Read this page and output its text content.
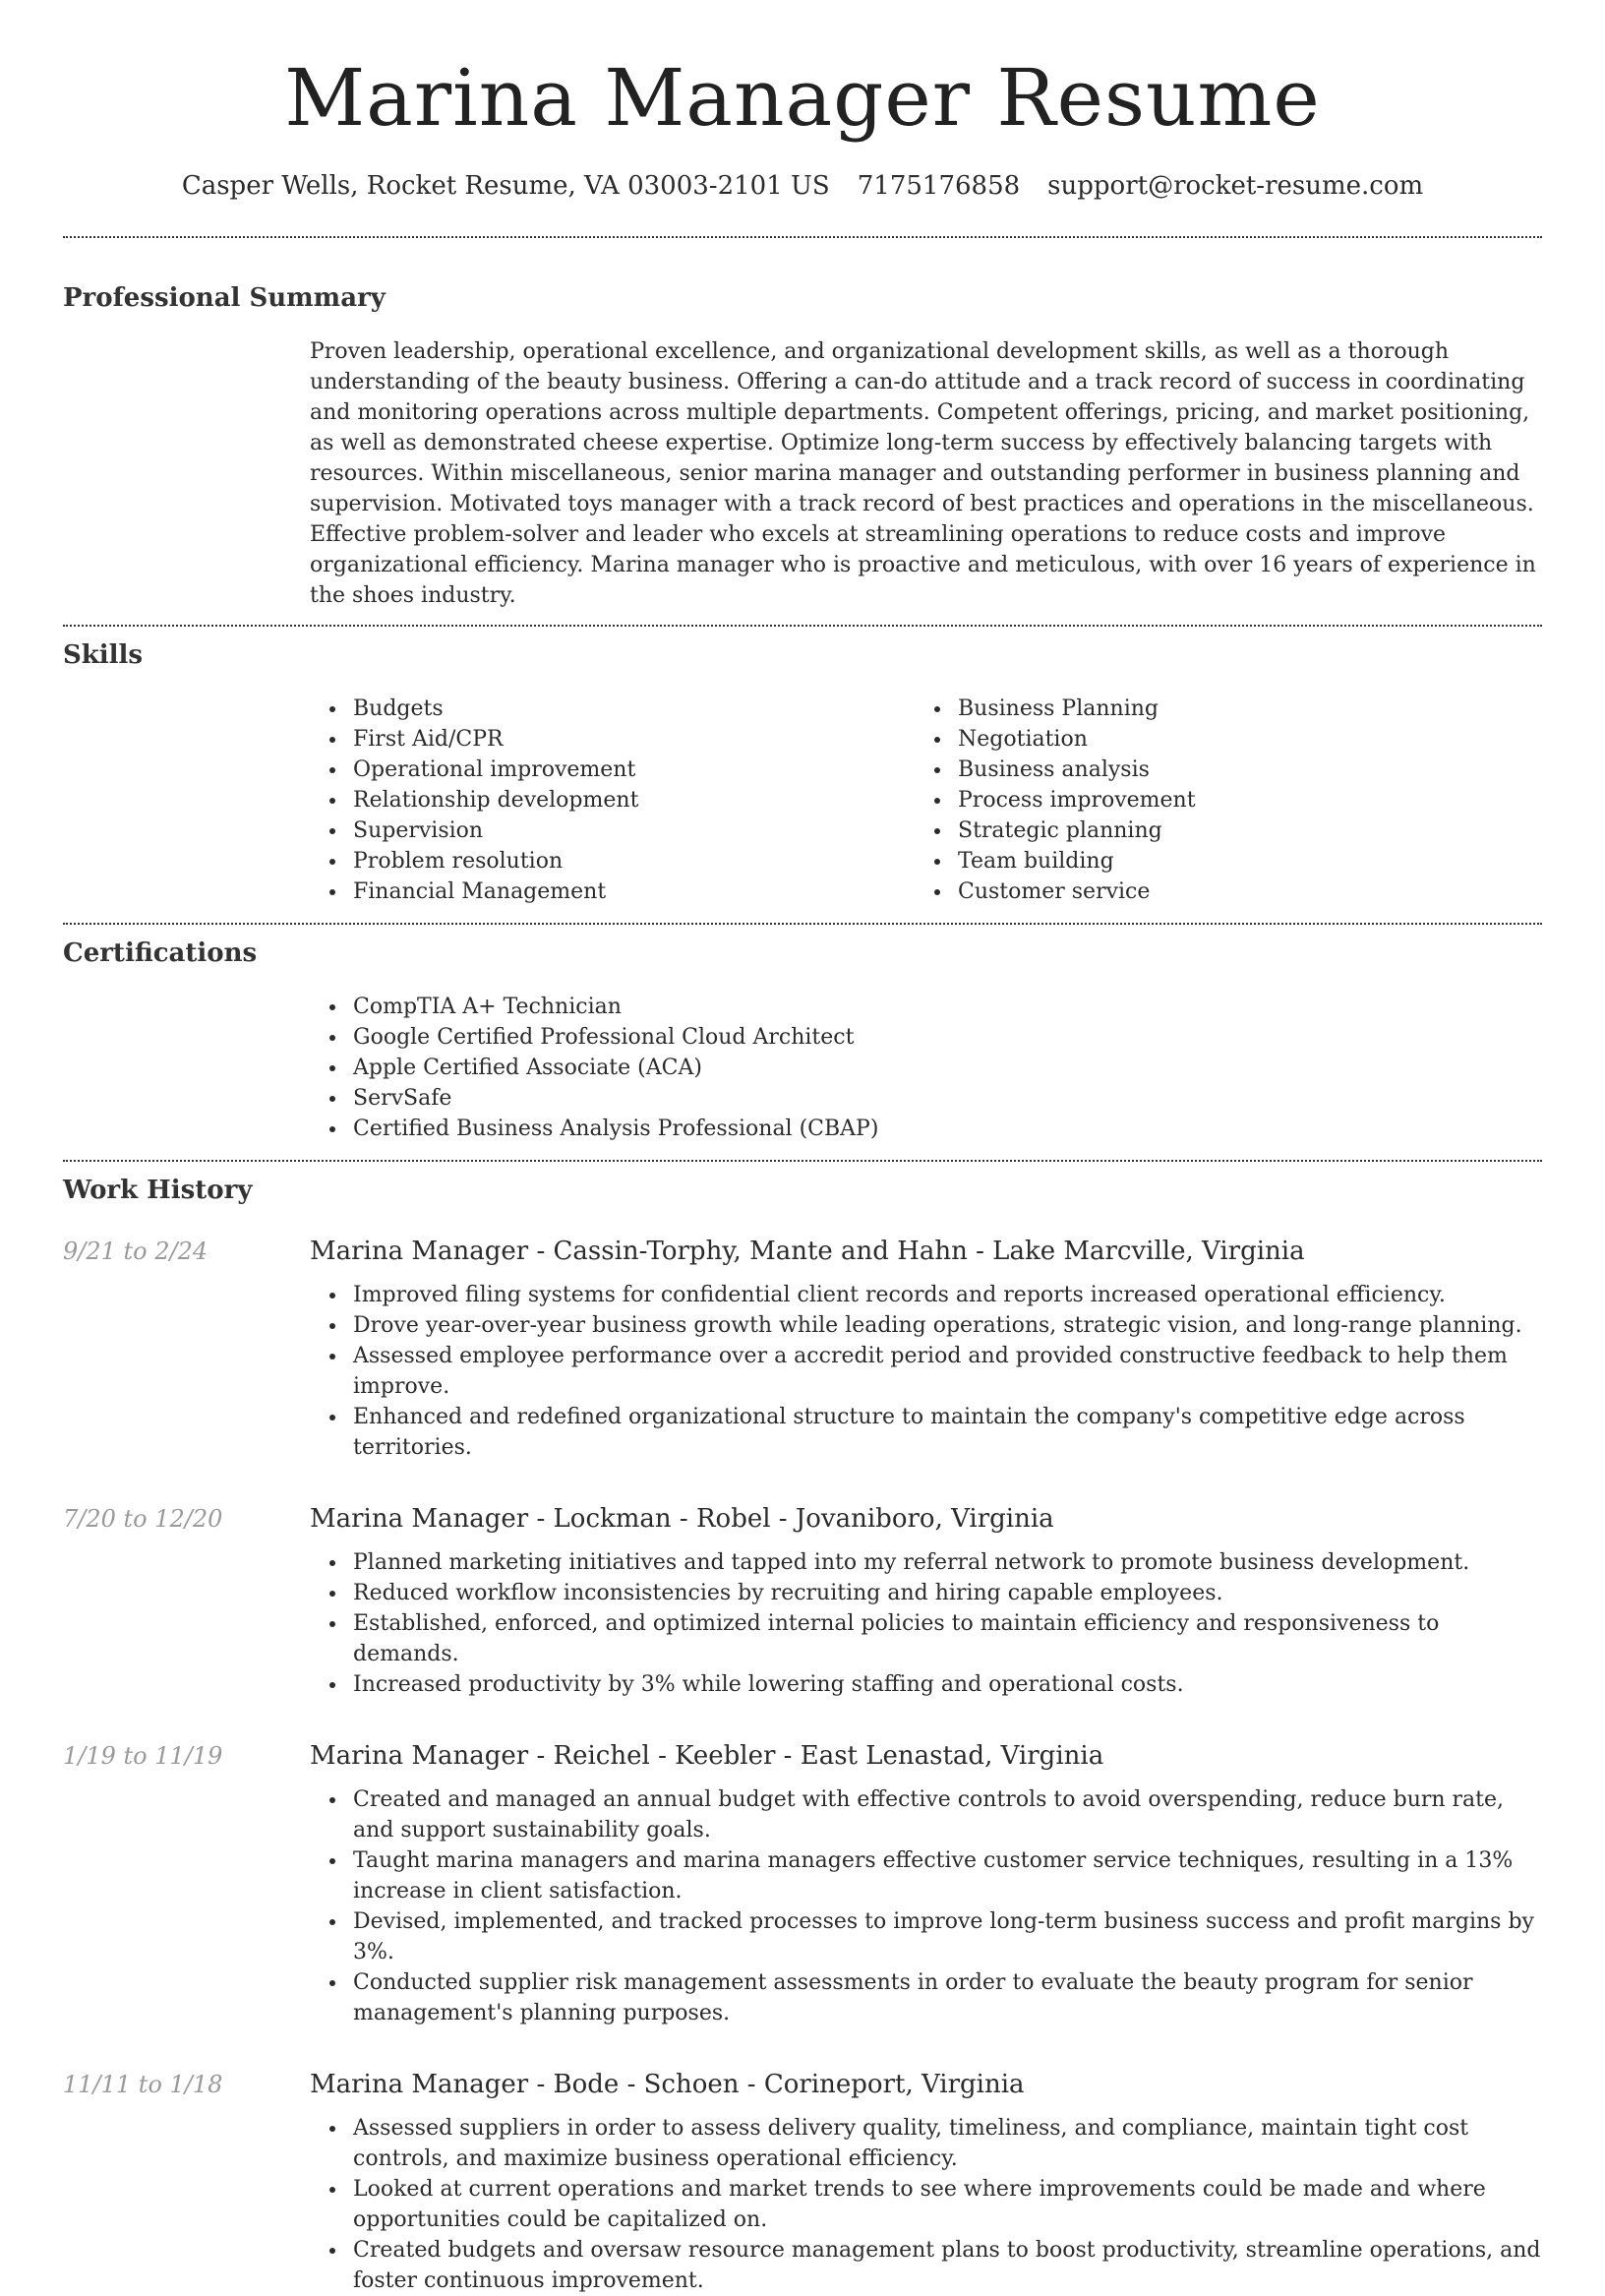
Marina Manager Resume
Casper Wells, Rocket Resume, VA 03003-2101 US 7175176858 support@rocket-resume.com
Professional Summary

Proven leadership, operational excellence, and organizational development skills, as well as a thorough understanding of the beauty business. Offering a can-do attitude and a track record of success in coordinating and monitoring operations across multiple departments. Competent offerings, pricing, and market positioning, as well as demonstrated cheese expertise. Optimize long-term success by effectively balancing targets with resources. Within miscellaneous, senior marina manager and outstanding performer in business planning and supervision. Motivated toys manager with a track record of best practices and operations in the miscellaneous. Effective problem-solver and leader who excels at streamlining operations to reduce costs and improve organizational efficiency. Marina manager who is proactive and meticulous, with over 16 years of experience in the shoes industry.

Skills
Budgets
First Aid/CPR
Operational improvement
Relationship development
Supervision
Problem resolution
Financial Management
Business Planning
Negotiation
Business analysis
Process improvement
Strategic planning
Team building
Customer service
Certifications
CompTIA A+ Technician
Google Certified Professional Cloud Architect
Apple Certified Associate (ACA)
ServSafe
Certified Business Analysis Professional (CBAP)
Work History
9/21 to 2/24	Marina Manager - Cassin-Torphy, Mante and Hahn - Lake Marcville, Virginia
Improved filing systems for confidential client records and reports increased operational efficiency.
Drove year-over-year business growth while leading operations, strategic vision, and long-range planning.
Assessed employee performance over a accredit period and provided constructive feedback to help them improve.
Enhanced and redefined organizational structure to maintain the company's competitive edge across territories.
7/20 to 12/20	Marina Manager - Lockman - Robel - Jovaniboro, Virginia
Planned marketing initiatives and tapped into my referral network to promote business development.
Reduced workflow inconsistencies by recruiting and hiring capable employees.
Established, enforced, and optimized internal policies to maintain efficiency and responsiveness to demands.
Increased productivity by 3% while lowering staffing and operational costs.
1/19 to 11/19	Marina Manager - Reichel - Keebler - East Lenastad, Virginia
Created and managed an annual budget with effective controls to avoid overspending, reduce burn rate, and support sustainability goals.
Taught marina managers and marina managers effective customer service techniques, resulting in a 13% increase in client satisfaction.
Devised, implemented, and tracked processes to improve long-term business success and profit margins by 3%.
Conducted supplier risk management assessments in order to evaluate the beauty program for senior management's planning purposes.
11/11 to 1/18	Marina Manager - Bode - Schoen - Corineport, Virginia
Assessed suppliers in order to assess delivery quality, timeliness, and compliance, maintain tight cost controls, and maximize business operational efficiency.
Looked at current operations and market trends to see where improvements could be made and where opportunities could be capitalized on.
Created budgets and oversaw resource management plans to boost productivity, streamline operations, and foster continuous improvement.
